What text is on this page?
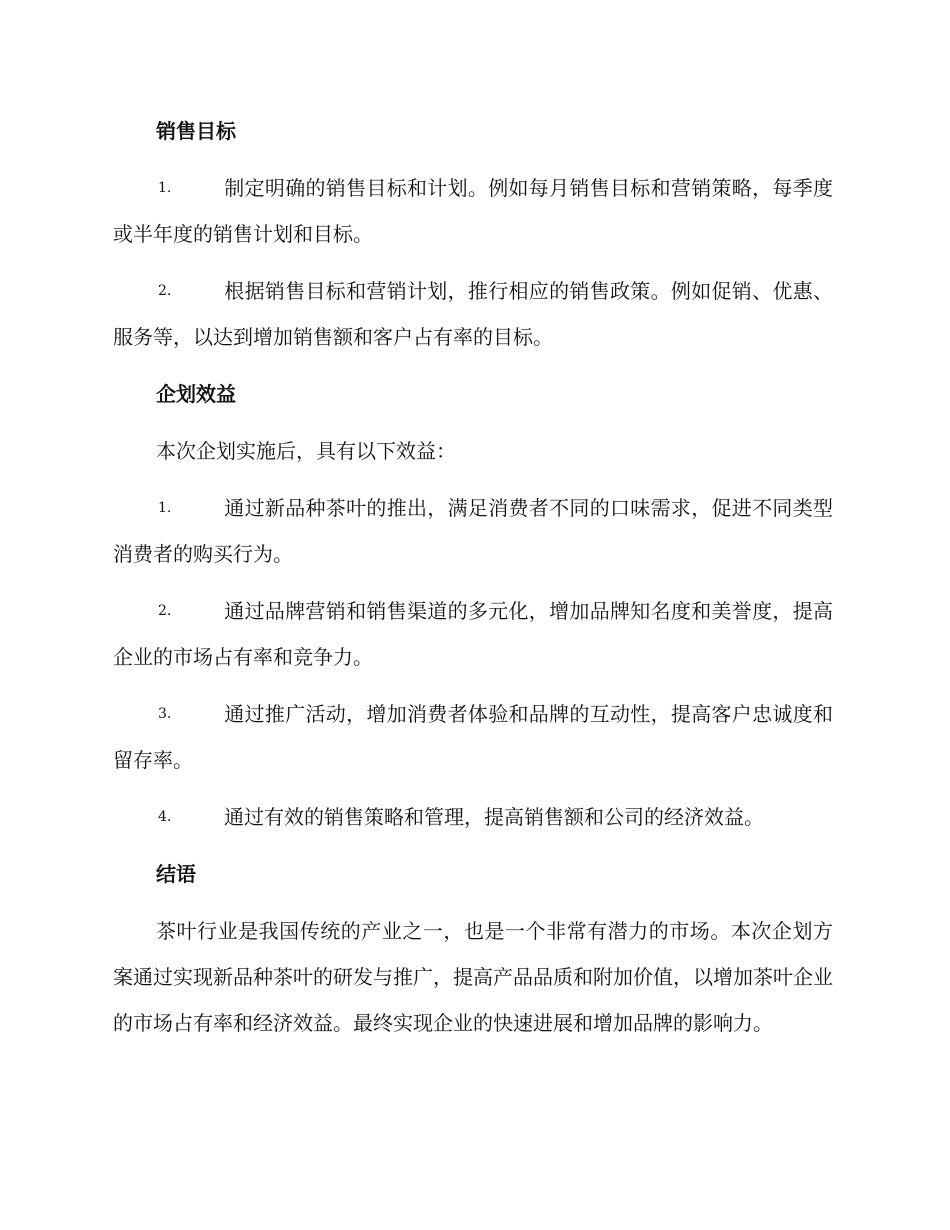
销售目标
1.	制定明确的销售目标和计划。例如每月销售目标和营销策略，每季度或半年度的销售计划和目标。
2.	根据销售目标和营销计划，推行相应的销售政策。例如促销、优惠、服务等，以达到增加销售额和客户占有率的目标。
企划效益

本次企划实施后，具有以下效益：

1.	通过新品种茶叶的推出，满足消费者不同的口味需求，促进不同类型消费者的购买行为。
2.	通过品牌营销和销售渠道的多元化，增加品牌知名度和美誉度，提高企业的市场占有率和竞争力。
3.	通过推广活动，增加消费者体验和品牌的互动性，提高客户忠诚度和留存率。
4.	通过有效的销售策略和管理，提高销售额和公司的经济效益。
结语

茶叶行业是我国传统的产业之一，也是一个非常有潜力的市场。本次企划方案通过实现新品种茶叶的研发与推广，提高产品品质和附加价值，以增加茶叶企业的市场占有率和经济效益。最终实现企业的快速进展和增加品牌的影响力。
